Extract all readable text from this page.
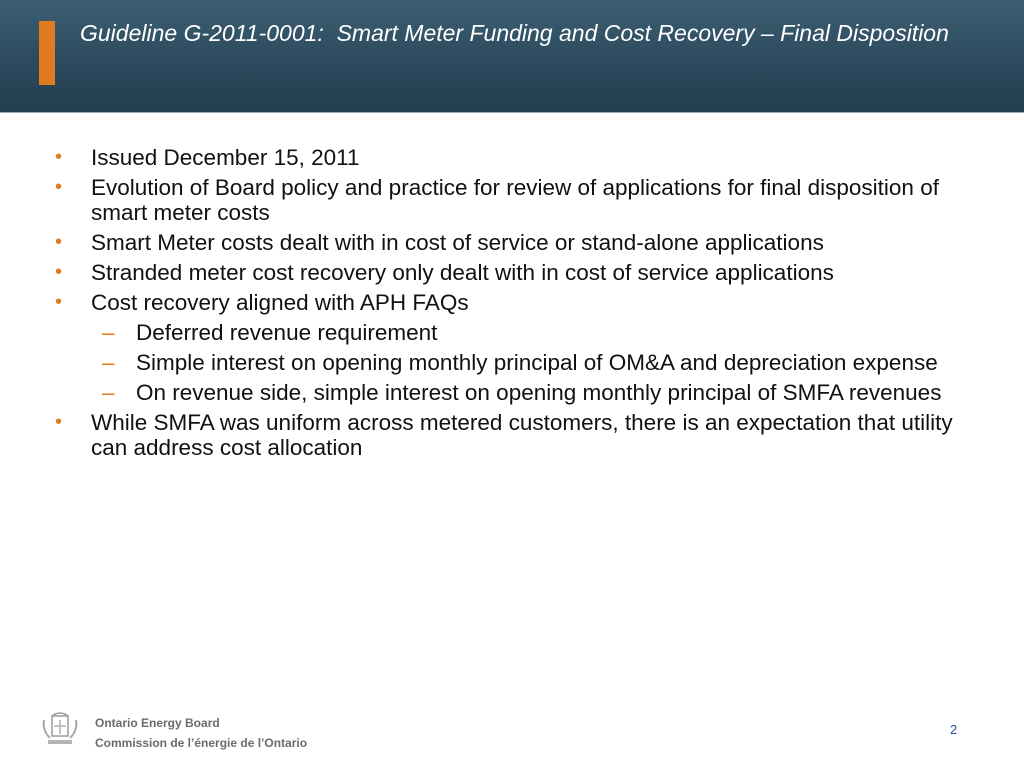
Guideline G-2011-0001:  Smart Meter Funding and Cost Recovery – Final Disposition
• Issued December 15, 2011
• Evolution of Board policy and practice for review of applications for final disposition of smart meter costs
• Smart Meter costs dealt with in cost of service or stand-alone applications
• Stranded meter cost recovery only dealt with in cost of service applications
• Cost recovery aligned with APH FAQs
– Deferred revenue requirement
– Simple interest on opening monthly principal of OM&A and depreciation expense
– On revenue side, simple interest on opening monthly principal of SMFA revenues
• While SMFA was uniform across metered customers, there is an expectation that utility can address cost allocation
Ontario Energy Board
Commission de l’énergie de l’Ontario
2
